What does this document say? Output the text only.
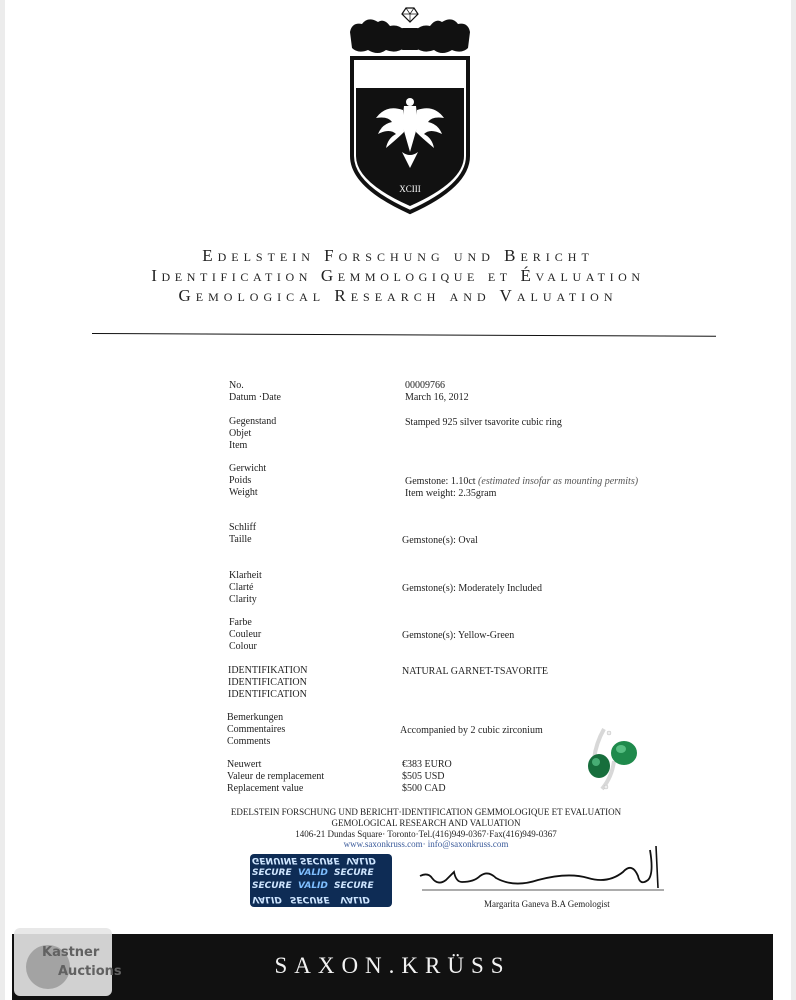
XCIII
Edelstein Forschung und Bericht
Identification Gemmologique et Évaluation
Gemological Research and Valuation
No.
Datum ·Date
00009766
March 16, 2012
Gegenstand
Objet
Item
Stamped 925 silver tsavorite cubic ring
Gerwicht
Poids
Weight
Gemstone: 1.10ct (estimated insofar as mounting permits)
Item weight: 2.35gram
Schliff
Taille	Gemstone(s): Oval
Klarheit
Clarté
Clarity
Gemstone(s): Moderately Included
Farbe
Couleur
Colour
Gemstone(s): Yellow-Green
IDENTIFIKATION
IDENTIFICATION
IDENTIFICATION
NATURAL GARNET-TSAVORITE
Bemerkungen
Commentaires
Comments
Accompanied by 2 cubic zirconium
Neuwert
Valeur de remplacement
Replacement value
€383 EURO
$505 USD
$500 CAD
EDELSTEIN FORSCHUNG UND BERICHT·IDENTIFICATION GEMMOLOGIQUE ET EVALUATION
GEMOLOGICAL RESEARCH AND VALUATION
1406-21 Dundas Square· Toronto·Tel.(416)949-0367·Fax(416)949-0367
www.saxonkruss.com· info@saxonkruss.com
GENUINE SECURE VALID
SECURE VALID SECURE
SECURE VALID SECURE
VALID SECURE VALID	Margarita Ganeva B.A Gemologist
SAXON.KRÜSS
Kastner
Auctions
